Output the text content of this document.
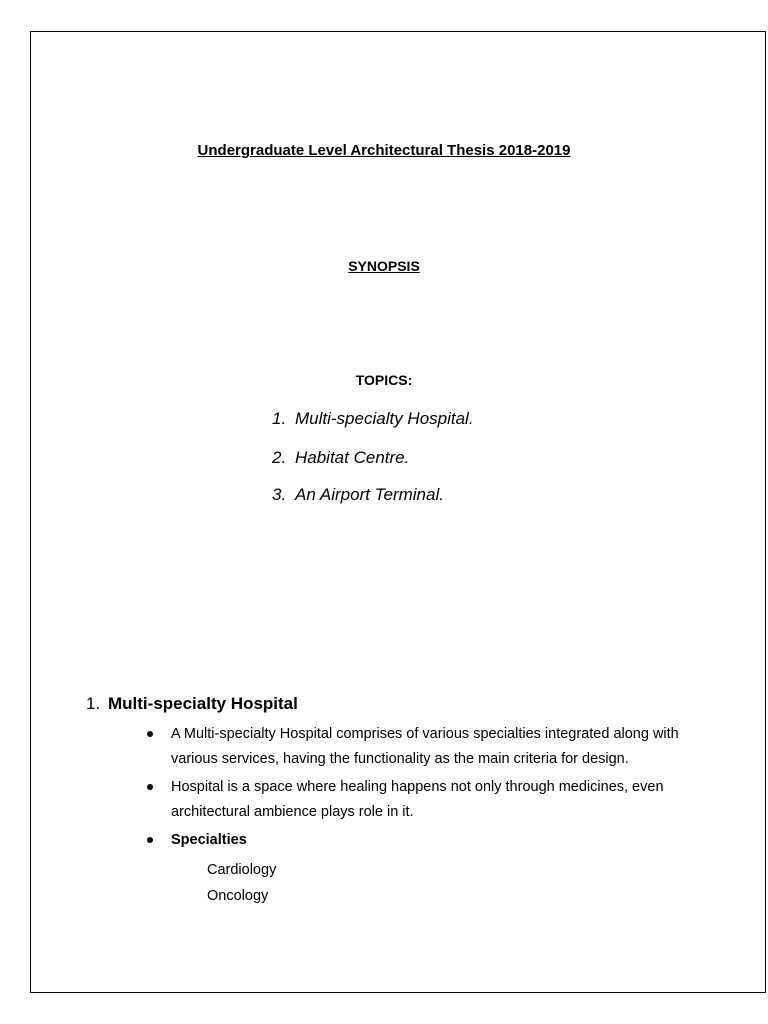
Undergraduate Level Architectural Thesis 2018-2019
SYNOPSIS
TOPICS:
1. Multi-specialty Hospital.
2. Habitat Centre.
3. An Airport Terminal.
1. Multi-specialty Hospital
A Multi-specialty Hospital comprises of various specialties integrated along with various services, having the functionality as the main criteria for design.
Hospital is a space where healing happens not only through medicines, even architectural ambience plays role in it.
Specialties
Cardiology
Oncology
